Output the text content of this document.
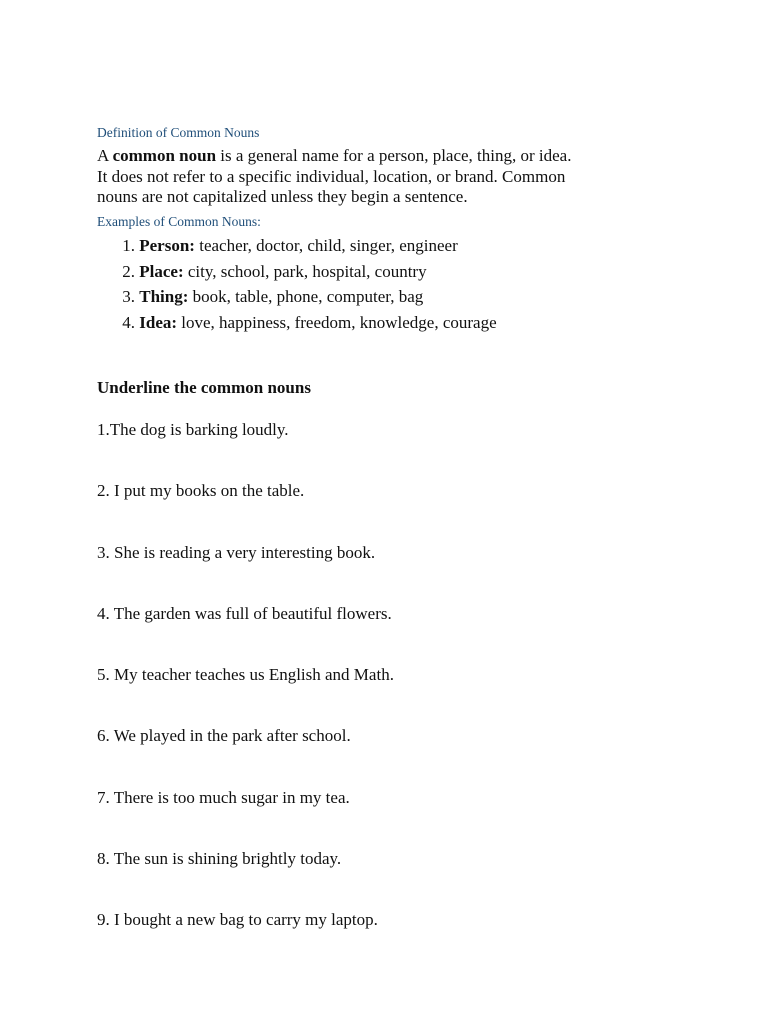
Definition of Common Nouns

A common noun is a general name for a person, place, thing, or idea. It does not refer to a specific individual, location, or brand. Common nouns are not capitalized unless they begin a sentence.

Examples of Common Nouns:
1. Person: teacher, doctor, child, singer, engineer
2. Place: city, school, park, hospital, country
3. Thing: book, table, phone, computer, bag
4. Idea: love, happiness, freedom, knowledge, courage
Underline the common nouns
1.The dog is barking loudly.
2. I put my books on the table.
3. She is reading a very interesting book.
4. The garden was full of beautiful flowers.
5. My teacher teaches us English and Math.
6. We played in the park after school.
7. There is too much sugar in my tea.
8. The sun is shining brightly today.
9. I bought a new bag to carry my laptop.
